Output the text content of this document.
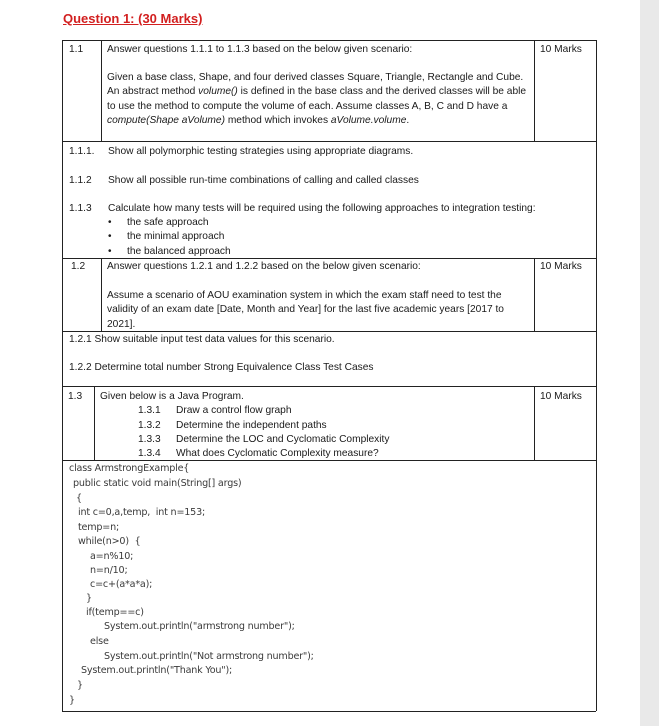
Question 1: (30 Marks)
1.1 Answer questions 1.1.1 to 1.1.3 based on the below given scenario:	10 Marks
Given a base class, Shape, and four derived classes Square, Triangle, Rectangle and Cube. An abstract method volume() is defined in the base class and the derived classes will be able to use the method to compute the volume of each. Assume classes A, B, C and D have a compute(Shape aVolume) method which invokes aVolume.volume.
1.1.1. Show all polymorphic testing strategies using appropriate diagrams.
1.1.2 Show all possible run-time combinations of calling and called classes
1.1.3 Calculate how many tests will be required using the following approaches to integration testing:
• the safe approach
• the minimal approach
• the balanced approach
1.2 Answer questions 1.2.1 and 1.2.2 based on the below given scenario:	10 Marks
Assume a scenario of AOU examination system in which the exam staff need to test the validity of an exam date [Date, Month and Year] for the last five academic years [2017 to 2021].
1.2.1 Show suitable input test data values for this scenario.
1.2.2 Determine total number Strong Equivalence Class Test Cases
1.3 Given below is a Java Program.	10 Marks
1.3.1 Draw a control flow graph
1.3.2 Determine the independent paths
1.3.3 Determine the LOC and Cyclomatic Complexity
1.3.4 What does Cyclomatic Complexity measure?
class ArmstrongExample{
public static void main(String[] args)
{
int c=0,a,temp,  int n=153;
temp=n;
while(n>0)  {
a=n%10;
n=n/10;
c=c+(a*a*a);
}
if(temp==c)
System.out.println("armstrong number");
else
System.out.println("Not armstrong number");
System.out.println("Thank You");
}
}
